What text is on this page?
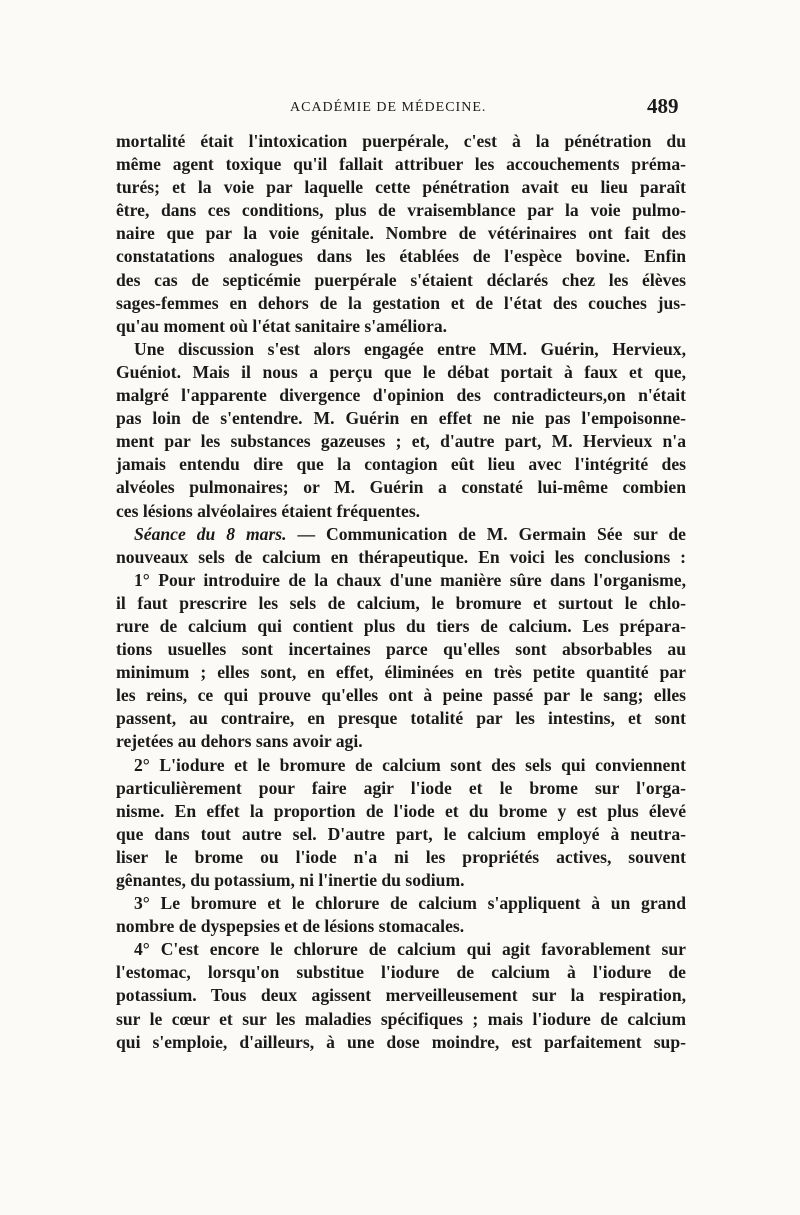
ACADÉMIE DE MÉDECINE.	489
mortalité était l'intoxication puerpérale, c'est à la pénétration du
même agent toxique qu'il fallait attribuer les accouchements préma-
turés; et la voie par laquelle cette pénétration avait eu lieu paraît
être, dans ces conditions, plus de vraisemblance par la voie pulmo-
naire que par la voie génitale. Nombre de vétérinaires ont fait des
constatations analogues dans les établées de l'espèce bovine. Enfin
des cas de septicémie puerpérale s'étaient déclarés chez les élèves
sages-femmes en dehors de la gestation et de l'état des couches jus-
qu'au moment où l'état sanitaire s'améliora.
Une discussion s'est alors engagée entre MM. Guérin, Hervieux,
Guéniot. Mais il nous a perçu que le débat portait à faux et que,
malgré l'apparente divergence d'opinion des contradicteurs,on n'était
pas loin de s'entendre. M. Guérin en effet ne nie pas l'empoisonne-
ment par les substances gazeuses ; et, d'autre part, M. Hervieux n'a
jamais entendu dire que la contagion eût lieu avec l'intégrité des
alvéoles pulmonaires; or M. Guérin a constaté lui-même combien
ces lésions alvéolaires étaient fréquentes.
Séance du 8 mars. — Communication de M. Germain Sée sur de
nouveaux sels de calcium en thérapeutique. En voici les conclusions :
1° Pour introduire de la chaux d'une manière sûre dans l'organisme,
il faut prescrire les sels de calcium, le bromure et surtout le chlo-
rure de calcium qui contient plus du tiers de calcium. Les prépara-
tions usuelles sont incertaines parce qu'elles sont absorbables au
minimum ; elles sont, en effet, éliminées en très petite quantité par
les reins, ce qui prouve qu'elles ont à peine passé par le sang; elles
passent, au contraire, en presque totalité par les intestins, et sont
rejetées au dehors sans avoir agi.
2° L'iodure et le bromure de calcium sont des sels qui conviennent
particulièrement pour faire agir l'iode et le brome sur l'orga-
nisme. En effet la proportion de l'iode et du brome y est plus élevé
que dans tout autre sel. D'autre part, le calcium employé à neutra-
liser le brome ou l'iode n'a ni les propriétés actives, souvent
gênantes, du potassium, ni l'inertie du sodium.
3° Le bromure et le chlorure de calcium s'appliquent à un grand
nombre de dyspepsies et de lésions stomacales.
4° C'est encore le chlorure de calcium qui agit favorablement sur
l'estomac, lorsqu'on substitue l'iodure de calcium à l'iodure de
potassium. Tous deux agissent merveilleusement sur la respiration,
sur le cœur et sur les maladies spécifiques ; mais l'iodure de calcium
qui s'emploie, d'ailleurs, à une dose moindre, est parfaitement sup-
